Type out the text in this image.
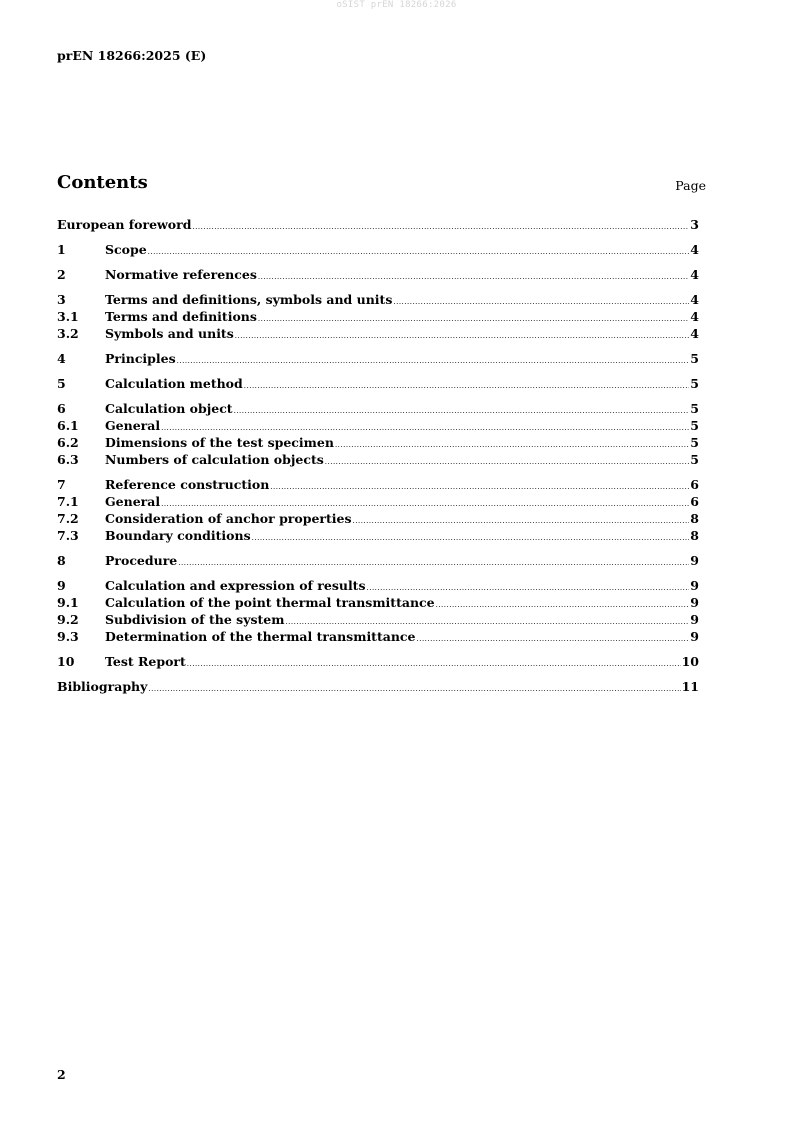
oSIST prEN 18266:2026
prEN 18266:2025 (E)
Contents	Page
European foreword .....	3
1	Scope .....	4
2	Normative references .....	4
3	Terms and definitions, symbols and units .....	4
3.1	Terms and definitions .....	4
3.2	Symbols and units .....	4
4	Principles .....	5
5	Calculation method .....	5
6	Calculation object .....	5
6.1	General .....	5
6.2	Dimensions of the test specimen .....	5
6.3	Numbers of calculation objects .....	5
7	Reference construction .....	6
7.1	General .....	6
7.2	Consideration of anchor properties .....	8
7.3	Boundary conditions .....	8
8	Procedure .....	9
9	Calculation and expression of results .....	9
9.1	Calculation of the point thermal transmittance .....	9
9.2	Subdivision of the system .....	9
9.3	Determination of the thermal transmittance .....	9
10	Test Report .....	10
Bibliography .....	11
2
